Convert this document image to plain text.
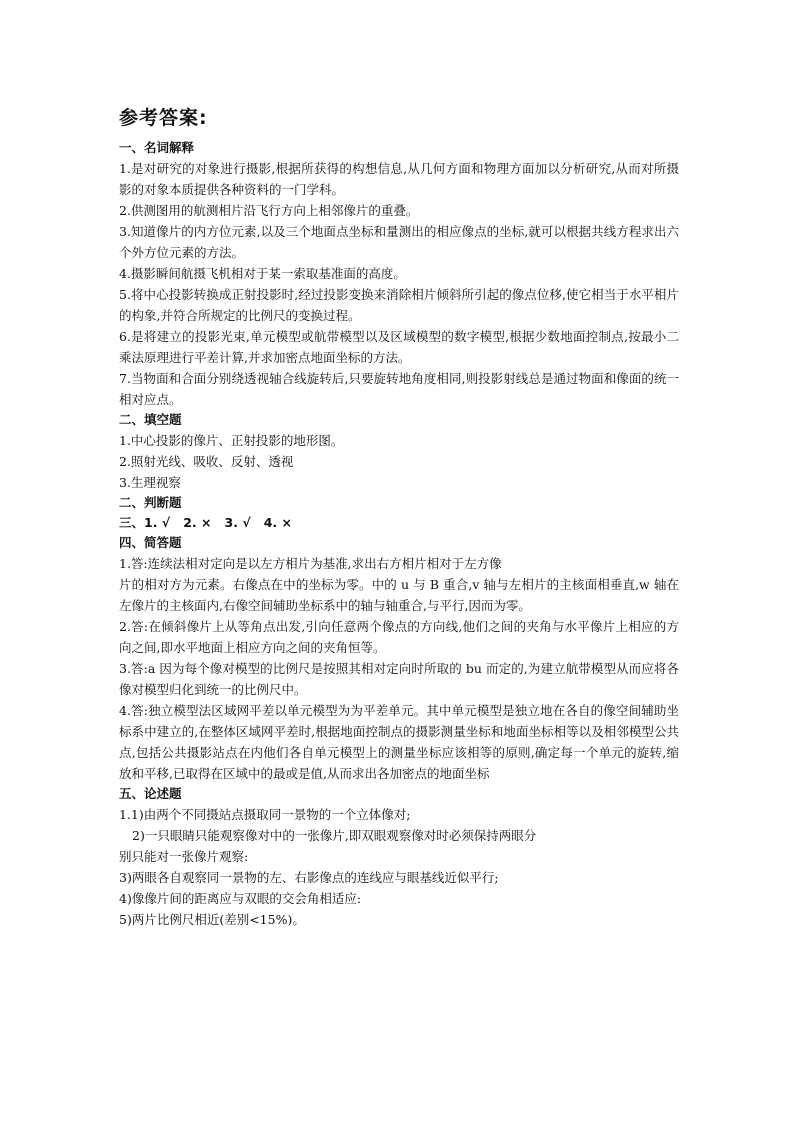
参考答案:
一、名词解释

1.是对研究的对象进行摄影,根据所获得的构想信息,从几何方面和物理方面加以分析研究,从而对所摄影的对象本质提供各种资料的一门学科。

2.供测图用的航测相片沿飞行方向上相邻像片的重叠。

3.知道像片的内方位元素,以及三个地面点坐标和量测出的相应像点的坐标,就可以根据共线方程求出六个外方位元素的方法。

4.摄影瞬间航摄飞机相对于某一索取基准面的高度。

5.将中心投影转换成正射投影时,经过投影变换来消除相片倾斜所引起的像点位移,使它相当于水平相片的构象,并符合所规定的比例尺的变换过程。

6.是将建立的投影光束,单元模型或航带模型以及区域模型的数字模型,根据少数地面控制点,按最小二乘法原理进行平差计算,并求加密点地面坐标的方法。

7.当物面和合面分别绕透视轴合线旋转后,只要旋转地角度相同,则投影射线总是通过物面和像面的统一相对应点。

二、填空题

1.中心投影的像片、正射投影的地形图。

2.照射光线、吸收、反射、透视

3.生理视察

二、判断题
三、1. √   2. ×   3. √   4. ×
四、简答题

1.答:连续法相对定向是以左方相片为基准,求出右方相片相对于左方像

片的相对方为元素。右像点在中的坐标为零。中的 u 与 B 重合,v 轴与左相片的主核面相垂直,w 轴在左像片的主核面内,右像空间辅助坐标系中的轴与轴重合,与平行,因而为零。

2.答:在倾斜像片上从等角点出发,引向任意两个像点的方向线,他们之间的夹角与水平像片上相应的方向之间,即水平地面上相应方向之间的夹角恒等。

3.答:a 因为每个像对模型的比例尺是按照其相对定向时所取的 bu 而定的,为建立航带模型从而应将各像对模型归化到统一的比例尺中。

4.答:独立模型法区域网平差以单元模型为为平差单元。其中单元模型是独立地在各自的像空间辅助坐标系中建立的,在整体区域网平差时,根据地面控制点的摄影测量坐标和地面坐标相等以及相邻模型公共点,包括公共摄影站点在内他们各自单元模型上的测量坐标应该相等的原则,确定每一个单元的旋转,缩放和平移,已取得在区域中的最或是值,从而求出各加密点的地面坐标

五、论述题

1.1)由两个不同摄站点摄取同一景物的一个立体像对;

2)一只眼睛只能观察像对中的一张像片,即双眼观察像对时必须保持两眼分

别只能对一张像片观察:

3)两眼各自观察同一景物的左、右影像点的连线应与眼基线近似平行;

4)像像片间的距离应与双眼的交会角相适应:

5)两片比例尺相近(差别<15%)。
